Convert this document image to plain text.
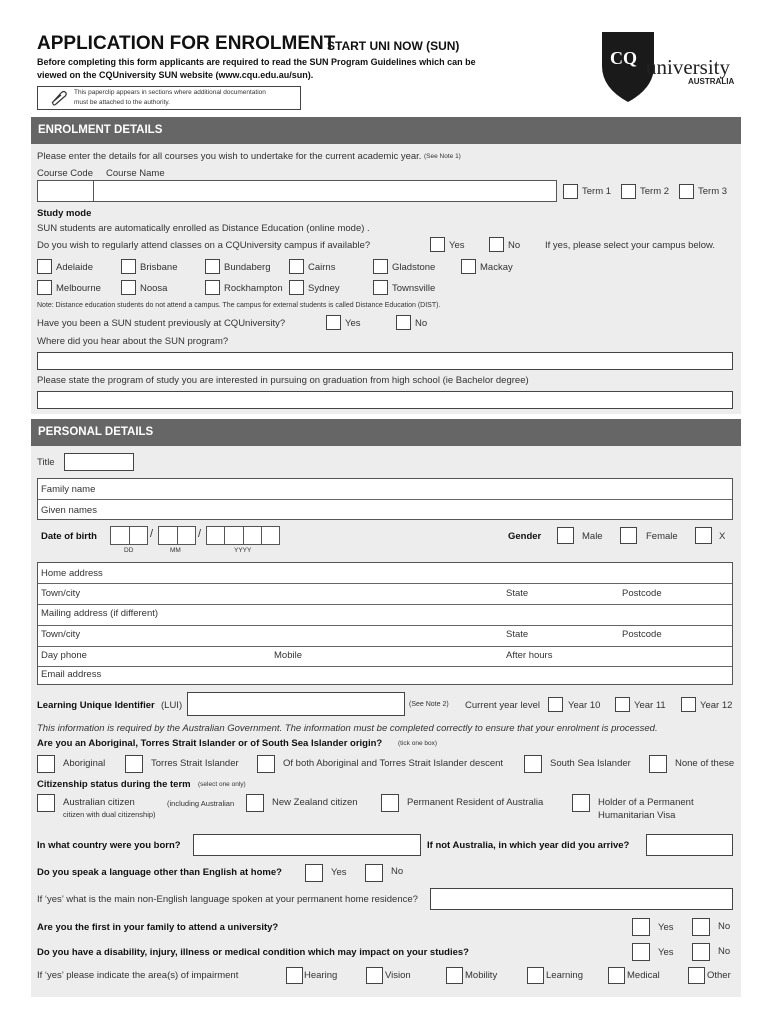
APPLICATION FOR ENROLMENT
START UNI NOW (SUN)
Before completing this form applicants are required to read the SUN Program Guidelines which can be
viewed on the CQUniversity SUN website (www.cqu.edu.au/sun).
This paperclip appears in sections where additional documentation
must be attached to the authority.
CQ university
AUSTRALIA
ENROLMENT DETAILS
Please enter the details for all courses you wish to undertake for the current academic year. (See Note 1)
Course Code Course Name
Term 1	Term 2	Term 3
Study mode
SUN students are automatically enrolled as Distance Education (online mode) .
Do you wish to regularly attend classes on a CQUniversity campus if available?	Yes	No	If yes, please select your campus below.
Adelaide	Brisbane	Bundaberg	Cairns	Gladstone	Mackay
Melbourne	Noosa	Rockhampton	Sydney	Townsville
Note: Distance education students do not attend a campus. The campus for external students is called Distance Education (DIST).
Have you been a SUN student previously at CQUniversity?	Yes	No
Where did you hear about the SUN program?
Please state the program of study you are interested in pursuing on graduation from high school (ie Bachelor degree)
PERSONAL DETAILS
Title
Family name
Given names
Date of birth	/	/
DD	MM	YYYY
Gender	Male	Female	X
Home address
Town/city	State	Postcode
Mailing address (if different)
Town/city	State	Postcode
Day phone	Mobile	After hours
Email address
Learning Unique Identifier (LUI)	(See Note 2) Current year level	Year 10	Year 11	Year 12
This information is required by the Australian Government. The information must be completed correctly to ensure that your enrolment is processed.
Are you an Aboriginal, Torres Strait Islander or of South Sea Islander origin? (tick one box)
Aboriginal	Torres Strait Islander	Of both Aboriginal and Torres Strait Islander descent	South Sea Islander	None of these
Citizenship status during the term (select one only)
Australian citizen	(including Australian
citizen with dual citizenship)
New Zealand citizen	Permanent Resident of Australia	Holder of a Permanent
Humanitarian Visa
In what country were you born?	If not Australia, in which year did you arrive?
Do you speak a language other than English at home?	Yes	No
If ‘yes’ what is the main non-English language spoken at your permanent home residence?
Are you the first in your family to attend a university?	Yes	No
Do you have a disability, injury, illness or medical condition which may impact on your studies?	Yes	No
If ‘yes’ please indicate the area(s) of impairment	Hearing	Vision	Mobility	Learning	Medical	Other
